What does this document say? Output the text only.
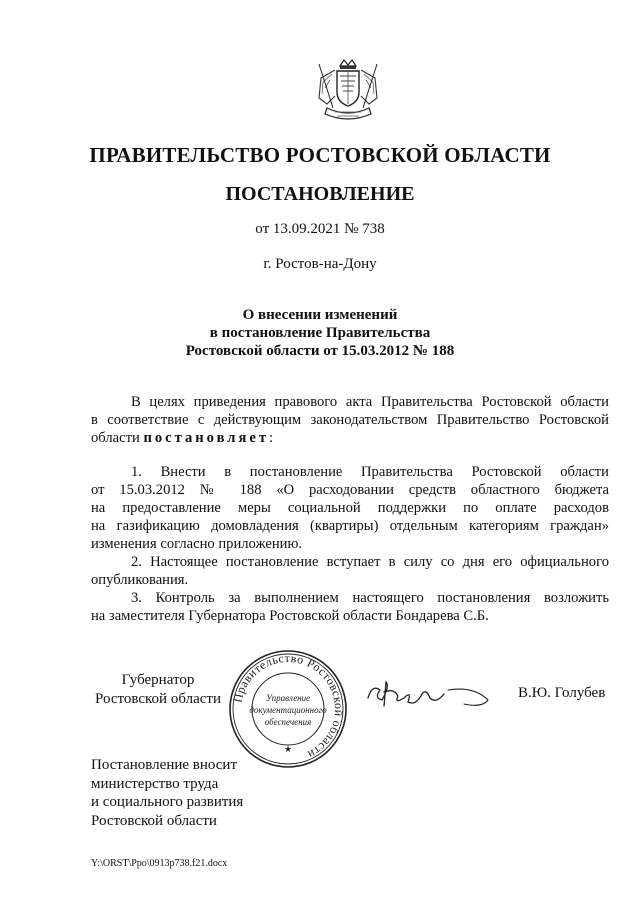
ПРАВИТЕЛЬСТВО РОСТОВСКОЙ ОБЛАСТИ
ПОСТАНОВЛЕНИЕ
от 13.09.2021 № 738
г. Ростов-на-Дону
О внесении изменений
в постановление Правительства
Ростовской области от 15.03.2012 № 188
В целях приведения правового акта Правительства Ростовской области
в соответствие с действующим законодательством Правительство Ростовской
области постановляет:
1. Внести в постановление Правительства Ростовской области
от 15.03.2012 № 188 «О расходовании средств областного бюджета
на предоставление меры социальной поддержки по оплате расходов
на газификацию домовладения (квартиры) отдельным категориям граждан»
изменения согласно приложению.
2. Настоящее постановление вступает в силу со дня его официального
опубликования.
3. Контроль за выполнением настоящего постановления возложить
на заместителя Губернатора Ростовской области Бондарева С.Б.
Губернатор
Ростовской области Правительство Ростовской области
Управление
документационного
обеспечения
★
В.Ю. Голубев
Постановление вносит
министерство труда
и социального развития
Ростовской области
Y:\ORST\Ppo\0913p738.f21.docx
